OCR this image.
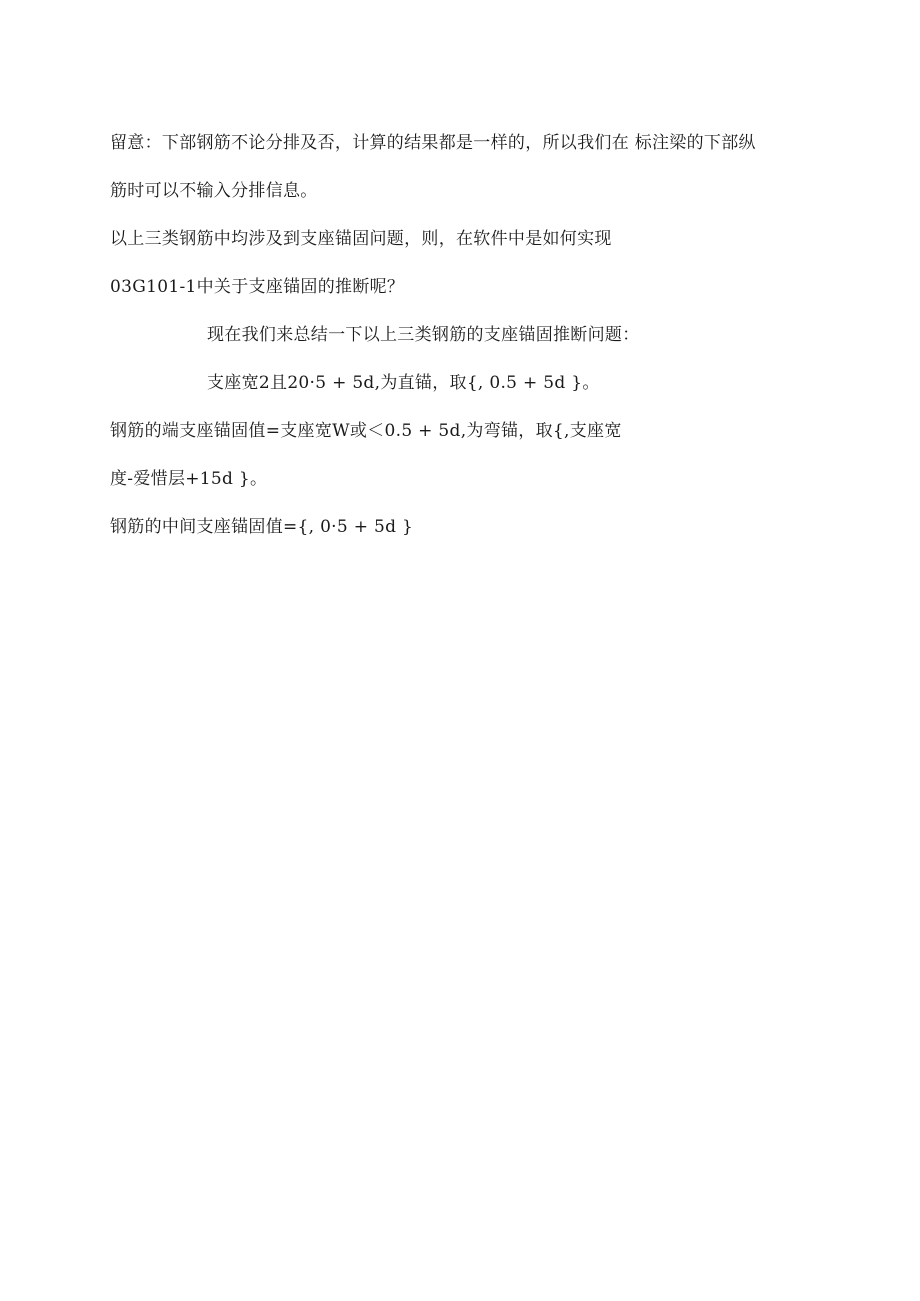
留意：下部钢筋不论分排及否，计算的结果都是一样的，所以我们在 标注梁的下部纵
筋时可以不输入分排信息。
以上三类钢筋中均涉及到支座锚固问题，则，在软件中是如何实现
03G101-1中关于支座锚固的推断呢？
现在我们来总结一下以上三类钢筋的支座锚固推断问题：
支座宽2且20·5 + 5d,为直锚，取{, 0.5 + 5d }。
钢筋的端支座锚固值=支座宽W或＜0.5 + 5d,为弯锚，取{,支座宽
度-爱惜层+15d }。
钢筋的中间支座锚固值={, 0·5 + 5d }
